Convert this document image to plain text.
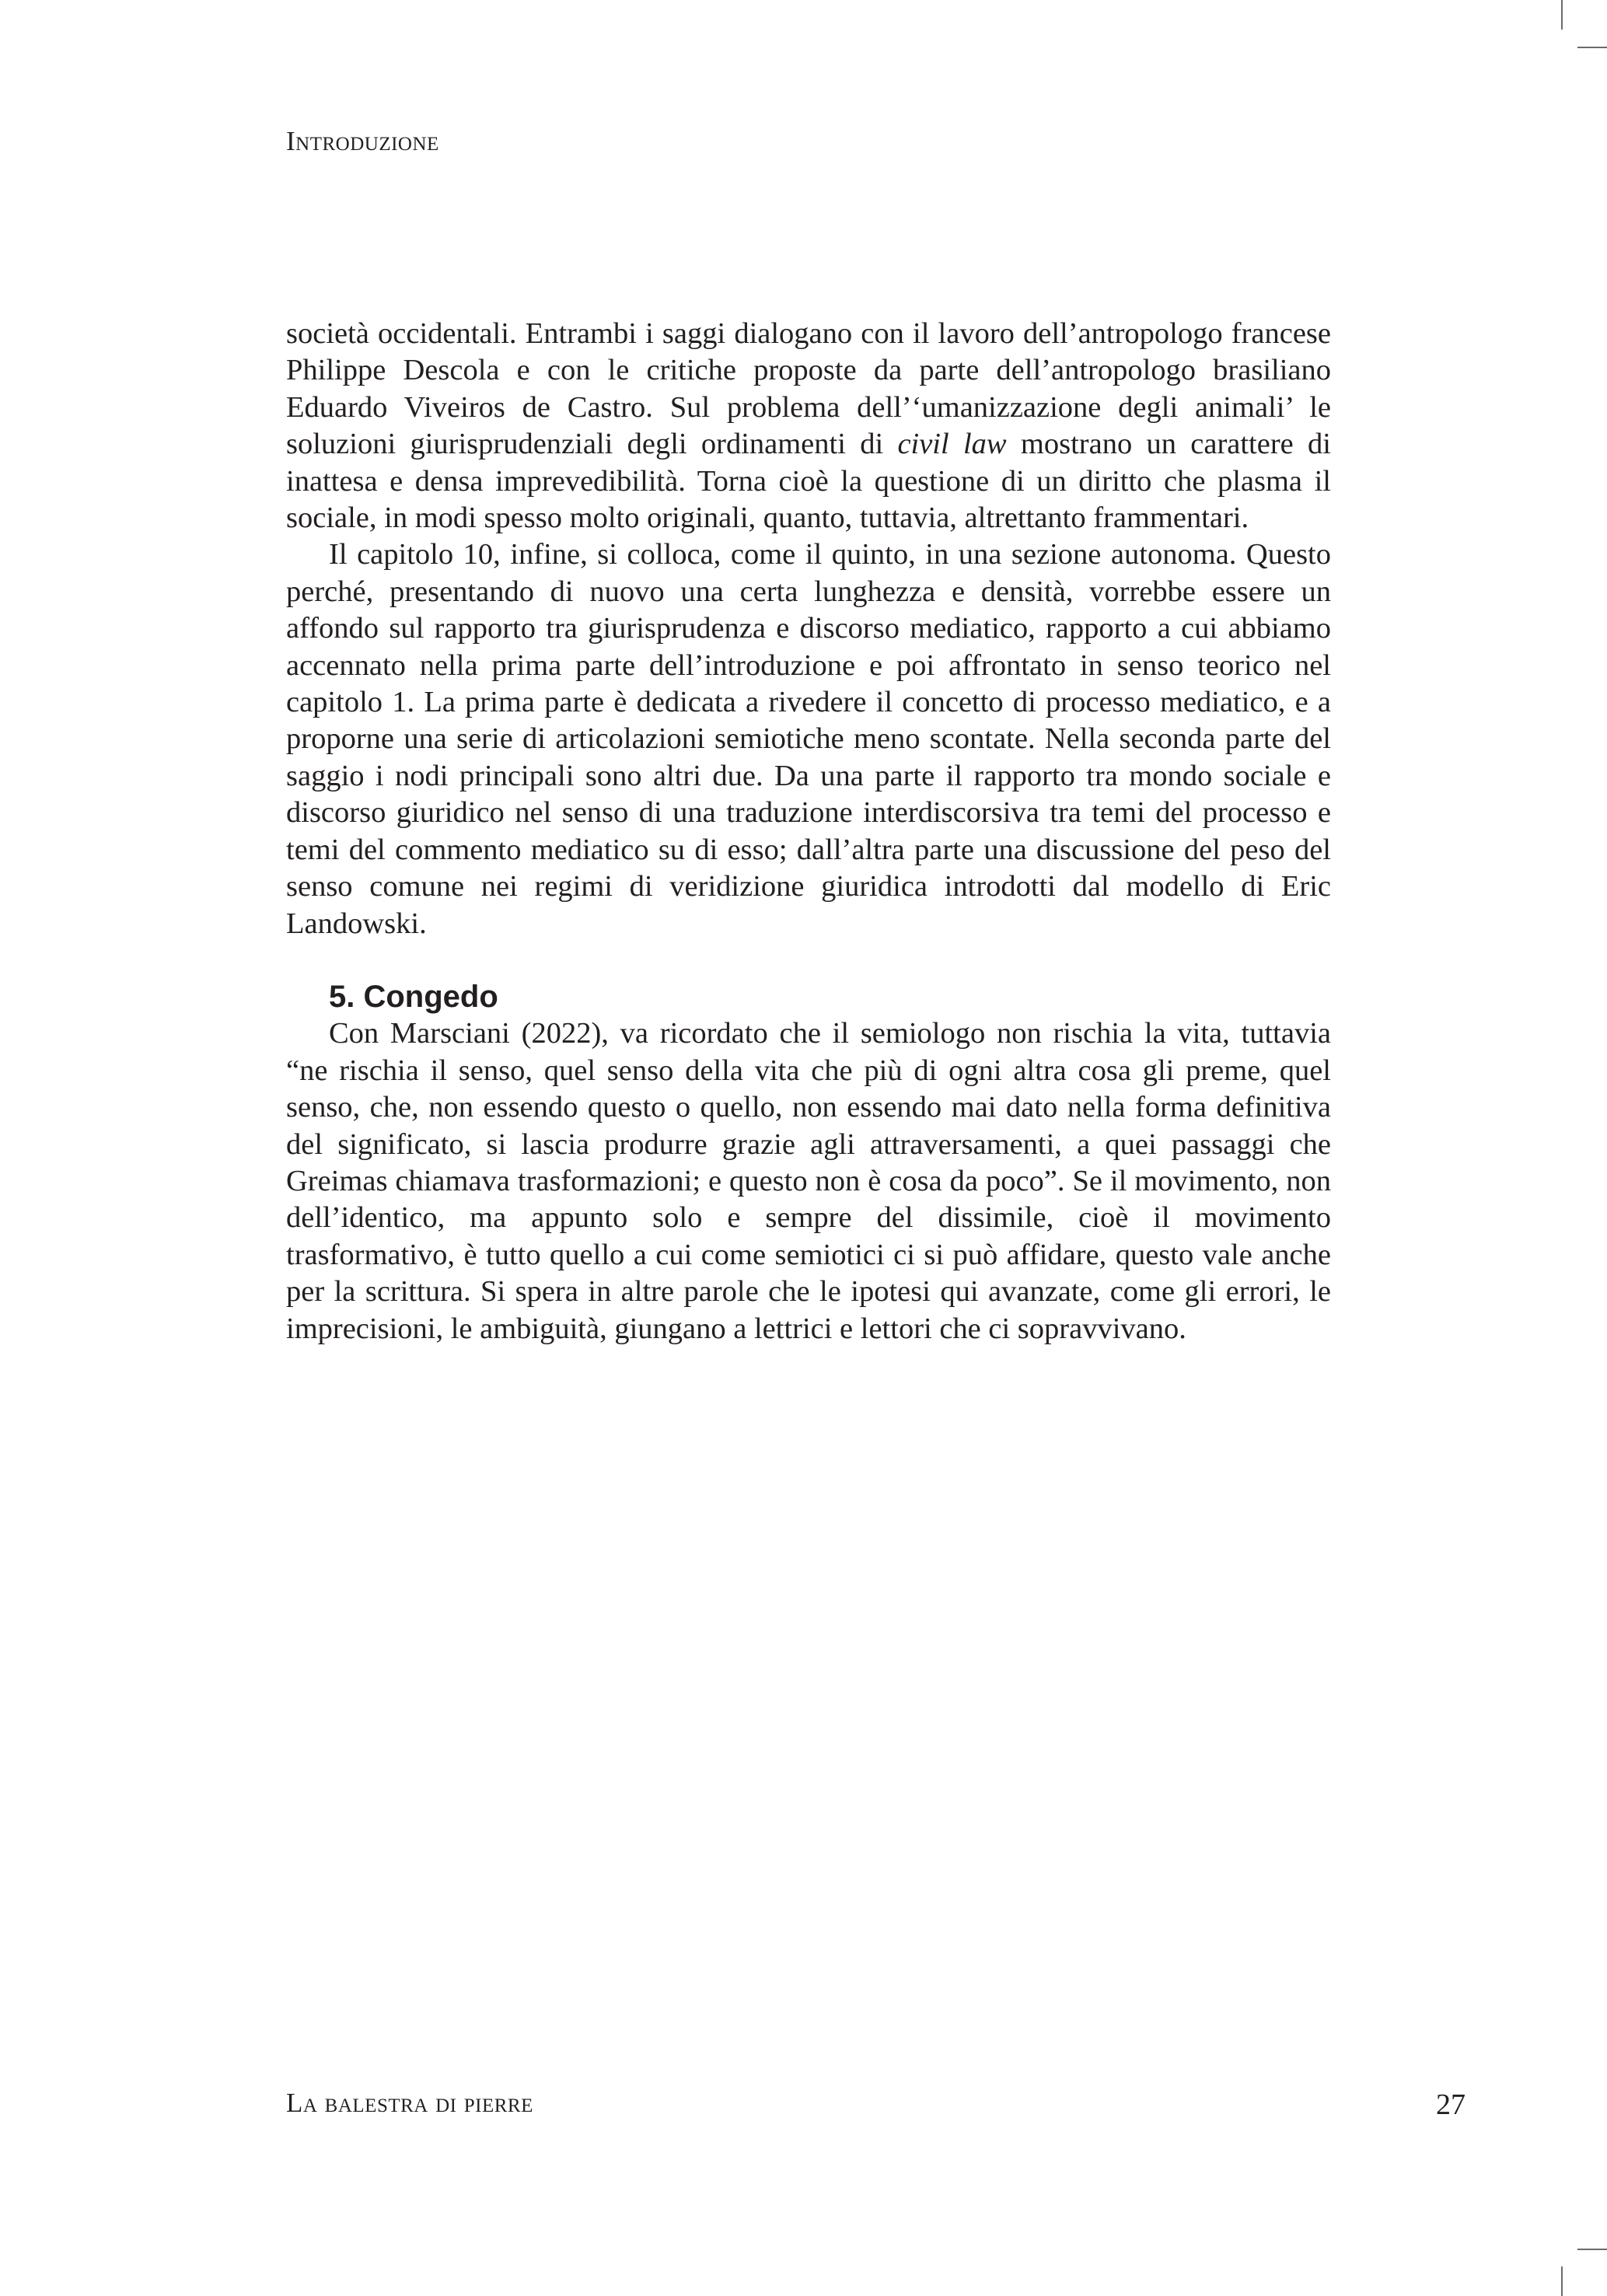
Introduzione

società occidentali. Entrambi i saggi dialogano con il lavoro dell’antropologo francese Philippe Descola e con le critiche proposte da parte dell’antropologo brasiliano Eduardo Viveiros de Castro. Sul problema dell’‘umanizzazione degli animali’ le soluzioni giurisprudenziali degli ordinamenti di civil law mostrano un carattere di inattesa e densa imprevedibilità. Torna cioè la questione di un diritto che plasma il sociale, in modi spesso molto originali, quanto, tuttavia, altrettanto frammentari.

Il capitolo 10, infine, si colloca, come il quinto, in una sezione autonoma. Questo perché, presentando di nuovo una certa lunghezza e densità, vorrebbe essere un affondo sul rapporto tra giurisprudenza e discorso mediatico, rapporto a cui abbiamo accennato nella prima parte dell’introduzione e poi affrontato in senso teorico nel capitolo 1. La prima parte è dedicata a rivedere il concetto di processo mediatico, e a proporne una serie di articolazioni semiotiche meno scontate. Nella seconda parte del saggio i nodi principali sono altri due. Da una parte il rapporto tra mondo sociale e discorso giuridico nel senso di una traduzione interdiscorsiva tra temi del processo e temi del commento mediatico su di esso; dall’altra parte una discussione del peso del senso comune nei regimi di veridizione giuridica introdotti dal modello di Eric Landowski.

5. Congedo

Con Marsciani (2022), va ricordato che il semiologo non rischia la vita, tuttavia “ne rischia il senso, quel senso della vita che più di ogni altra cosa gli preme, quel senso, che, non essendo questo o quello, non essendo mai dato nella forma definitiva del significato, si lascia produrre grazie agli attraversamenti, a quei passaggi che Greimas chiamava trasformazioni; e questo non è cosa da poco”. Se il movimento, non dell’identico, ma appunto solo e sempre del dissimile, cioè il movimento trasformativo, è tutto quello a cui come semiotici ci si può affidare, questo vale anche per la scrittura. Si spera in altre parole che le ipotesi qui avanzate, come gli errori, le imprecisioni, le ambiguità, giungano a lettrici e lettori che ci sopravvivano.

La balestra di pierre	27
